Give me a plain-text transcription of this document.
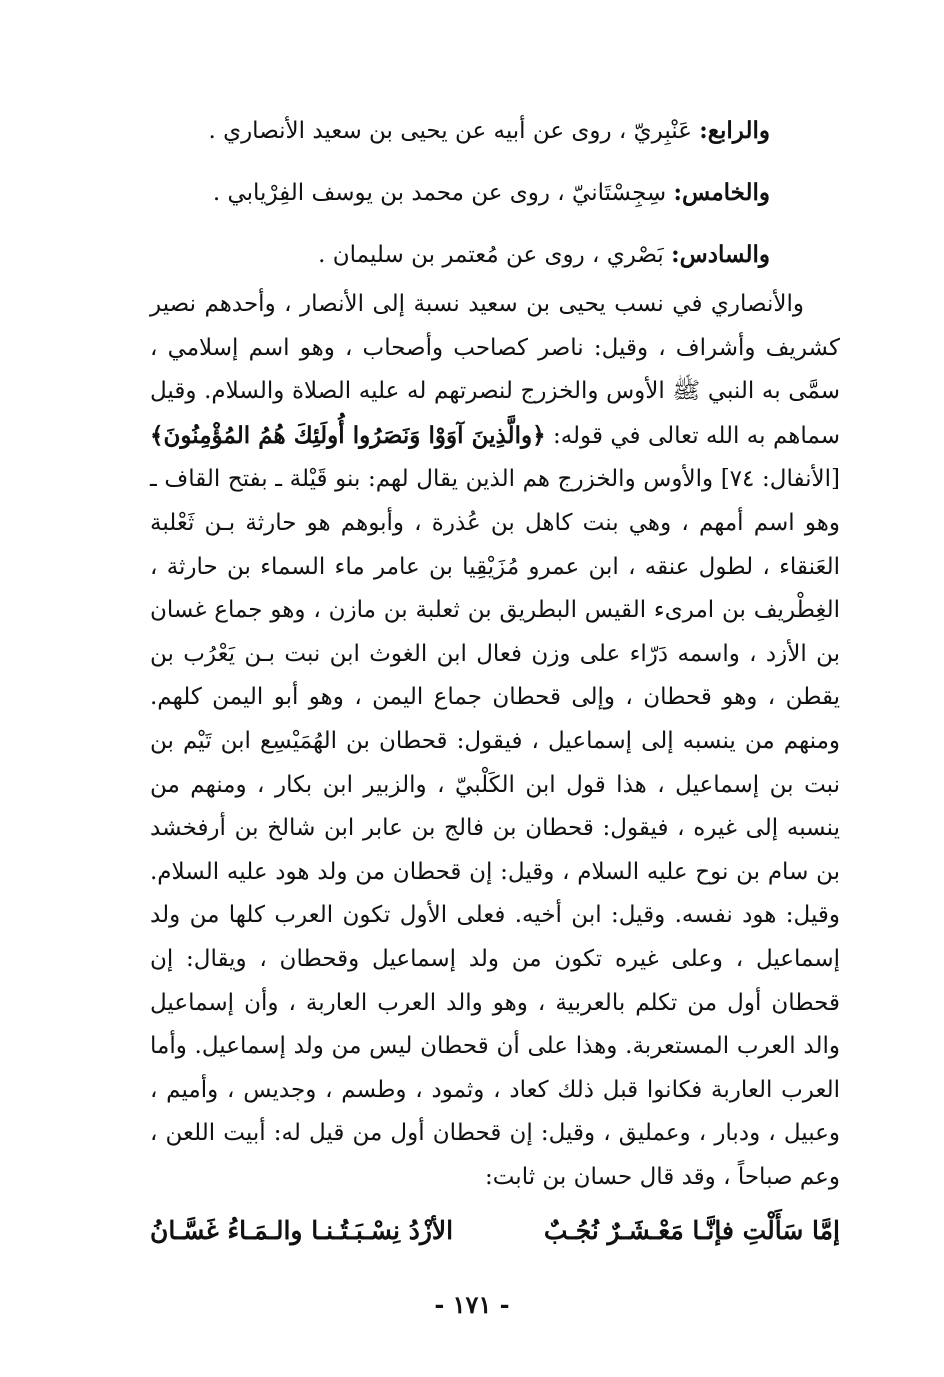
والرابع: عَنْبِريّ ، روى عن أبيه عن يحيى بن سعيد الأنصاري .
والخامس: سِجِسْتَانيّ ، روى عن محمد بن يوسف الفِرْيابي .
والسادس: بَصْري ، روى عن مُعتمر بن سليمان .

والأنصاري في نسب يحيى بن سعيد نسبة إلى الأنصار ، وأحدهم نصير كشريف وأشراف ، وقيل: ناصر كصاحب وأصحاب ، وهو اسم إسلامي ، سمَّى به النبي ﷺ الأوس والخزرج لنصرتهم له عليه الصلاة والسلام. وقيل سماهم به الله تعالى في قوله: ﴿والَّذِينَ آوَوْا وَنَصَرُوا أُولَئِكَ هُمُ المُؤْمِنُونَ﴾ [الأنفال: ٧٤] والأوس والخزرج هم الذين يقال لهم: بنو قَيْلة ـ بفتح القاف ـ وهو اسم أمهم ، وهي بنت كاهل بن عُذرة ، وأبوهم هو حارثة بـن ثَعْلبة العَنقاء ، لطول عنقه ، ابن عمرو مُزَيْقِيا بن عامر ماء السماء بن حارثة ، الغِطْريف بن امرىء القيس البطريق بن ثعلبة بن مازن ، وهو جماع غسان بن الأزد ، واسمه دَرّاء على وزن فعال ابن الغوث ابن نبت بـن يَعْرُب بن يقطن ، وهو قحطان ، وإلى قحطان جماع اليمن ، وهو أبو اليمن كلهم. ومنهم من ينسبه إلى إسماعيل ، فيقول: قحطان بن الهُمَيْسِع ابن تَيْم بن نبت بن إسماعيل ، هذا قول ابن الكَلْبيّ ، والزبير ابن بكار ، ومنهم من ينسبه إلى غيره ، فيقول: قحطان بن فالج بن عابر ابن شالخ بن أرفخشد بن سام بن نوح عليه السلام ، وقيل: إن قحطان من ولد هود عليه السلام. وقيل: هود نفسه. وقيل: ابن أخيه. فعلى الأول تكون العرب كلها من ولد إسماعيل ، وعلى غيره تكون من ولد إسماعيل وقحطان ، ويقال: إن قحطان أول من تكلم بالعربية ، وهو والد العرب العاربة ، وأن إسماعيل والد العرب المستعربة. وهذا على أن قحطان ليس من ولد إسماعيل. وأما العرب العاربة فكانوا قبل ذلك كعاد ، وثمود ، وطسم ، وجديس ، وأميم ، وعبيل ، ودبار ، وعمليق ، وقيل: إن قحطان أول من قيل له: أبيت اللعن ، وعم صباحاً ، وقد قال حسان بن ثابت:

إمَّا سَأَلْتِ فإنَّـا مَعْـشَـرٌ نُجُـبٌ
الأزْدُ نِسْـبَـتُـنـا والـمَـاءُ غَسَّـانُ
- ١٧١ -
